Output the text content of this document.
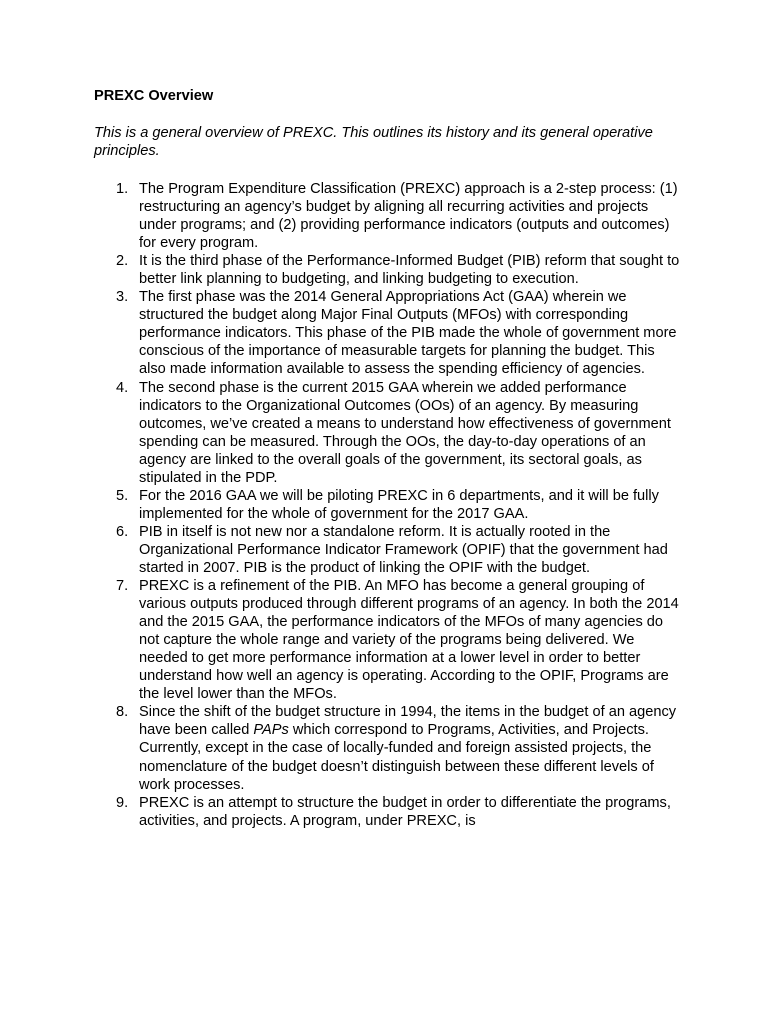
PREXC Overview
This is a general overview of PREXC. This outlines its history and its general operative principles.
1. The Program Expenditure Classification (PREXC) approach is a 2-step process: (1) restructuring an agency’s budget by aligning all recurring activities and projects under programs; and (2) providing performance indicators (outputs and outcomes) for every program.
2. It is the third phase of the Performance-Informed Budget (PIB) reform that sought to better link planning to budgeting, and linking budgeting to execution.
3. The first phase was the 2014 General Appropriations Act (GAA) wherein we structured the budget along Major Final Outputs (MFOs) with corresponding performance indicators. This phase of the PIB made the whole of government more conscious of the importance of measurable targets for planning the budget. This also made information available to assess the spending efficiency of agencies.
4. The second phase is the current 2015 GAA wherein we added performance indicators to the Organizational Outcomes (OOs) of an agency. By measuring outcomes, we’ve created a means to understand how effectiveness of government spending can be measured. Through the OOs, the day-to-day operations of an agency are linked to the overall goals of the government, its sectoral goals, as stipulated in the PDP.
5. For the 2016 GAA we will be piloting PREXC in 6 departments, and it will be fully implemented for the whole of government for the 2017 GAA.
6. PIB in itself is not new nor a standalone reform. It is actually rooted in the Organizational Performance Indicator Framework (OPIF) that the government had started in 2007. PIB is the product of linking the OPIF with the budget.
7. PREXC is a refinement of the PIB. An MFO has become a general grouping of various outputs produced through different programs of an agency. In both the 2014 and the 2015 GAA, the performance indicators of the MFOs of many agencies do not capture the whole range and variety of the programs being delivered. We needed to get more performance information at a lower level in order to better understand how well an agency is operating. According to the OPIF, Programs are the level lower than the MFOs.
8. Since the shift of the budget structure in 1994, the items in the budget of an agency have been called PAPs which correspond to Programs, Activities, and Projects. Currently, except in the case of locally-funded and foreign assisted projects, the nomenclature of the budget doesn’t distinguish between these different levels of work processes.
9. PREXC is an attempt to structure the budget in order to differentiate the programs, activities, and projects. A program, under PREXC, is
